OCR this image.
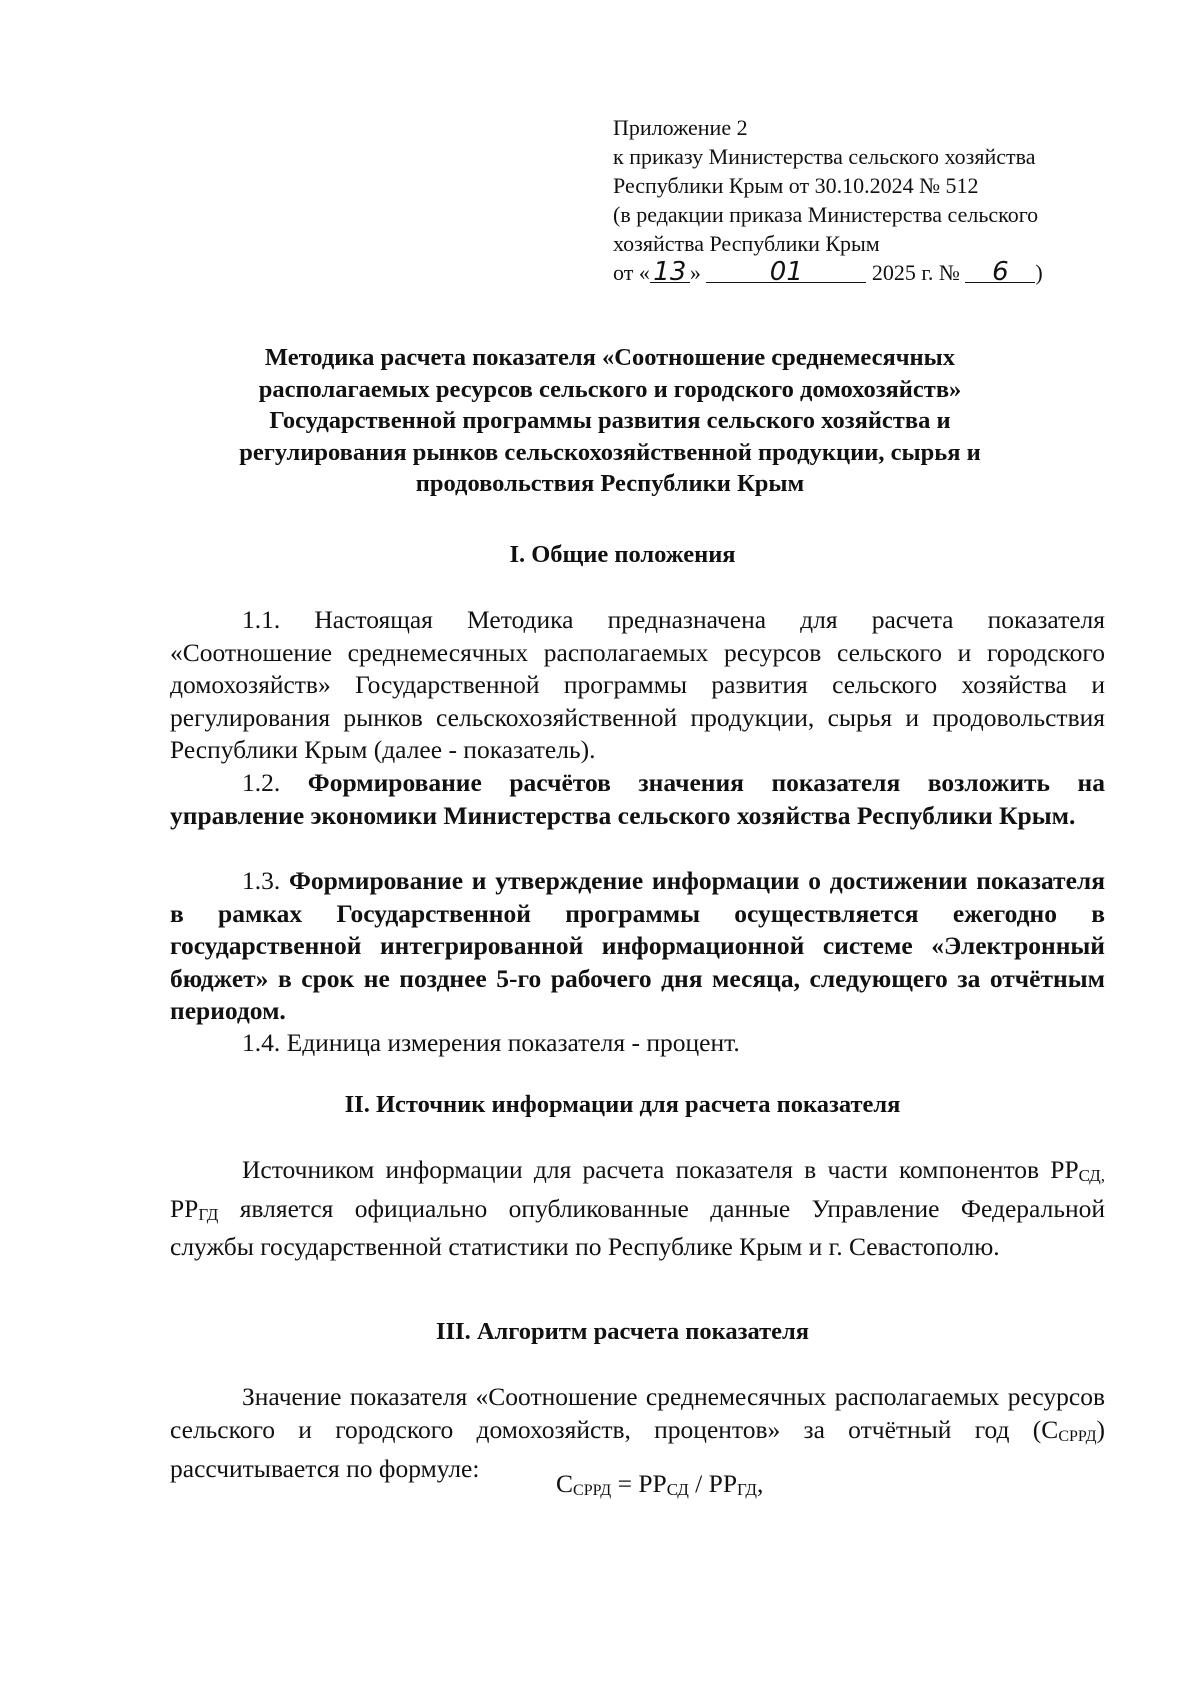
Приложение 2
к приказу Министерства сельского хозяйства
Республики Крым от 30.10.2024 № 512
(в редакции приказа Министерства сельского
хозяйства Республики Крым
от « 13 »	01	2025 г. № 6 )
Методика расчета показателя «Соотношение среднемесячных
располагаемых ресурсов сельского и городского домохозяйств»
Государственной программы развития сельского хозяйства и
регулирования рынков сельскохозяйственной продукции, сырья и
продовольствия Республики Крым
I. Общие положения

1.1. Настоящая Методика предназначена для расчета показателя «Соотношение среднемесячных располагаемых ресурсов сельского и городского домохозяйств» Государственной программы развития сельского хозяйства и регулирования рынков сельскохозяйственной продукции, сырья и продовольствия Республики Крым (далее - показатель).

1.2. Формирование расчётов значения показателя возложить на управление экономики Министерства сельского хозяйства Республики Крым.

1.3. Формирование и утверждение информации о достижении показателя в рамках Государственной программы осуществляется ежегодно в государственной интегрированной информационной системе «Электронный бюджет» в срок не позднее 5-го рабочего дня месяца, следующего за отчётным периодом.

1.4. Единица измерения показателя - процент.

II. Источник информации для расчета показателя

Источником информации для расчета показателя в части компонентов РРСД, РРГД является официально опубликованные данные Управление Федеральной службы государственной статистики по Республике Крым и г. Севастополю.

III. Алгоритм расчета показателя

Значение показателя «Соотношение среднемесячных располагаемых ресурсов сельского и городского домохозяйств, процентов» за отчётный год (ССРРД) рассчитывается по формуле:

ССРРД = РРСД / РРГД,
